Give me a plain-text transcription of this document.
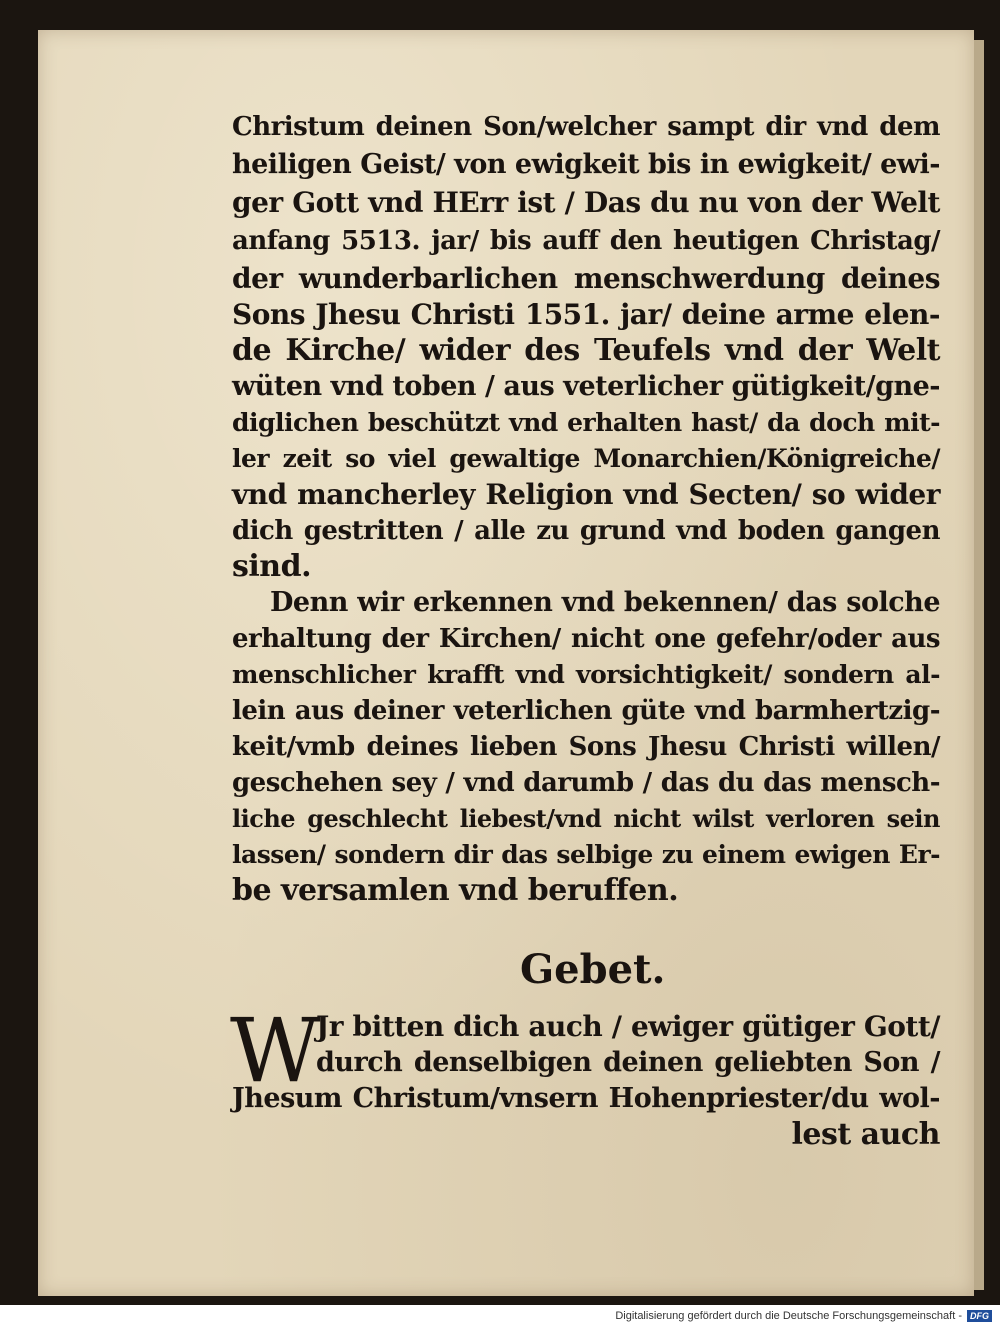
Christum deinen Son/welcher sampt dir vnd dem
heiligen Geist/ von ewigkeit bis in ewigkeit/ ewi-
ger Gott vnd HErr ist / Das du nu von der Welt
anfang 5513. jar/ bis auff den heutigen Christag/
der wunderbarlichen menschwerdung deines
Sons Jhesu Christi 1551. jar/ deine arme elen-
de Kirche/ wider des Teufels vnd der Welt
wüten vnd toben / aus veterlicher gütigkeit/gne-
diglichen beschützt vnd erhalten hast/ da doch mit-
ler zeit so viel gewaltige Monarchien/Königreiche/
vnd mancherley Religion vnd Secten/ so wider
dich gestritten / alle zu grund vnd boden gangen
sind.
Denn wir erkennen vnd bekennen/ das solche
erhaltung der Kirchen/ nicht one gefehr/oder aus
menschlicher krafft vnd vorsichtigkeit/ sondern al-
lein aus deiner veterlichen güte vnd barmhertzig-
keit/vmb deines lieben Sons Jhesu Christi willen/
geschehen sey / vnd darumb / das du das mensch-
liche geschlecht liebest/vnd nicht wilst verloren sein
lassen/ sondern dir das selbige zu einem ewigen Er-
be versamlen vnd beruffen.
Gebet.
W
Jr bitten dich auch / ewiger gütiger Gott/
durch denselbigen deinen geliebten Son /
Jhesum Christum/vnsern Hohenpriester/du wol-
lest auch
Digitalisierung gefördert durch die Deutsche Forschungsgemeinschaft - DFG
